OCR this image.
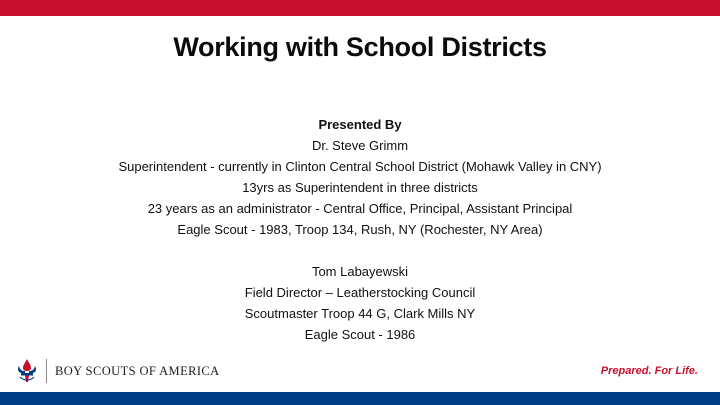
Working with School Districts
Presented By
Dr. Steve Grimm
Superintendent - currently in Clinton Central School District (Mohawk Valley in CNY)
13yrs as Superintendent in three districts
23 years as an administrator - Central Office, Principal, Assistant Principal
Eagle Scout - 1983, Troop 134, Rush, NY (Rochester, NY Area)
Tom Labayewski
Field Director – Leatherstocking Council
Scoutmaster Troop 44 G, Clark Mills NY
Eagle Scout - 1986
BOY SCOUTS OF AMERICA	Prepared. For Life.
